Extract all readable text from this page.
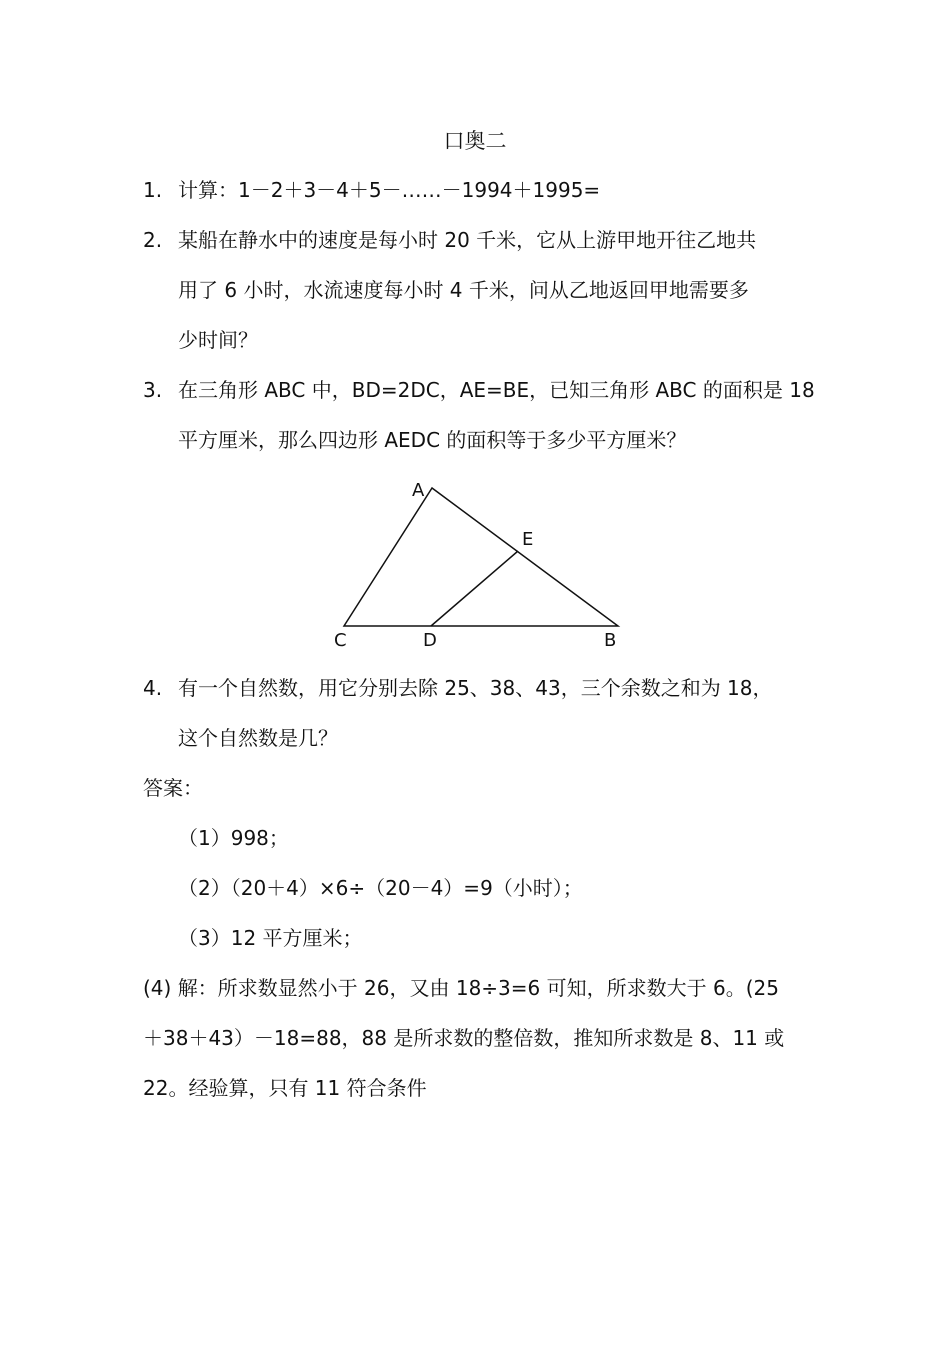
口奥二
1. 计算：1－2＋3－4＋5－……－1994＋1995=
2. 某船在静水中的速度是每小时 20 千米，它从上游甲地开往乙地共
用了 6 小时，水流速度每小时 4 千米，问从乙地返回甲地需要多
少时间？
3. 在三角形 ABC 中，BD=2DC，AE=BE，已知三角形 ABC 的面积是 18
平方厘米，那么四边形 AEDC 的面积等于多少平方厘米？
A
E
C	D	B
4. 有一个自然数，用它分别去除 25、38、43，三个余数之和为 18，
这个自然数是几？
答案：
（1）998；
（2）（20＋4）×6÷（20－4）=9（小时）；
（3）12 平方厘米；
(4) 解：所求数显然小于 26，又由 18÷3=6 可知，所求数大于 6。(25
＋38＋43）－18=88，88 是所求数的整倍数，推知所求数是 8、11 或
22。经验算，只有 11 符合条件
